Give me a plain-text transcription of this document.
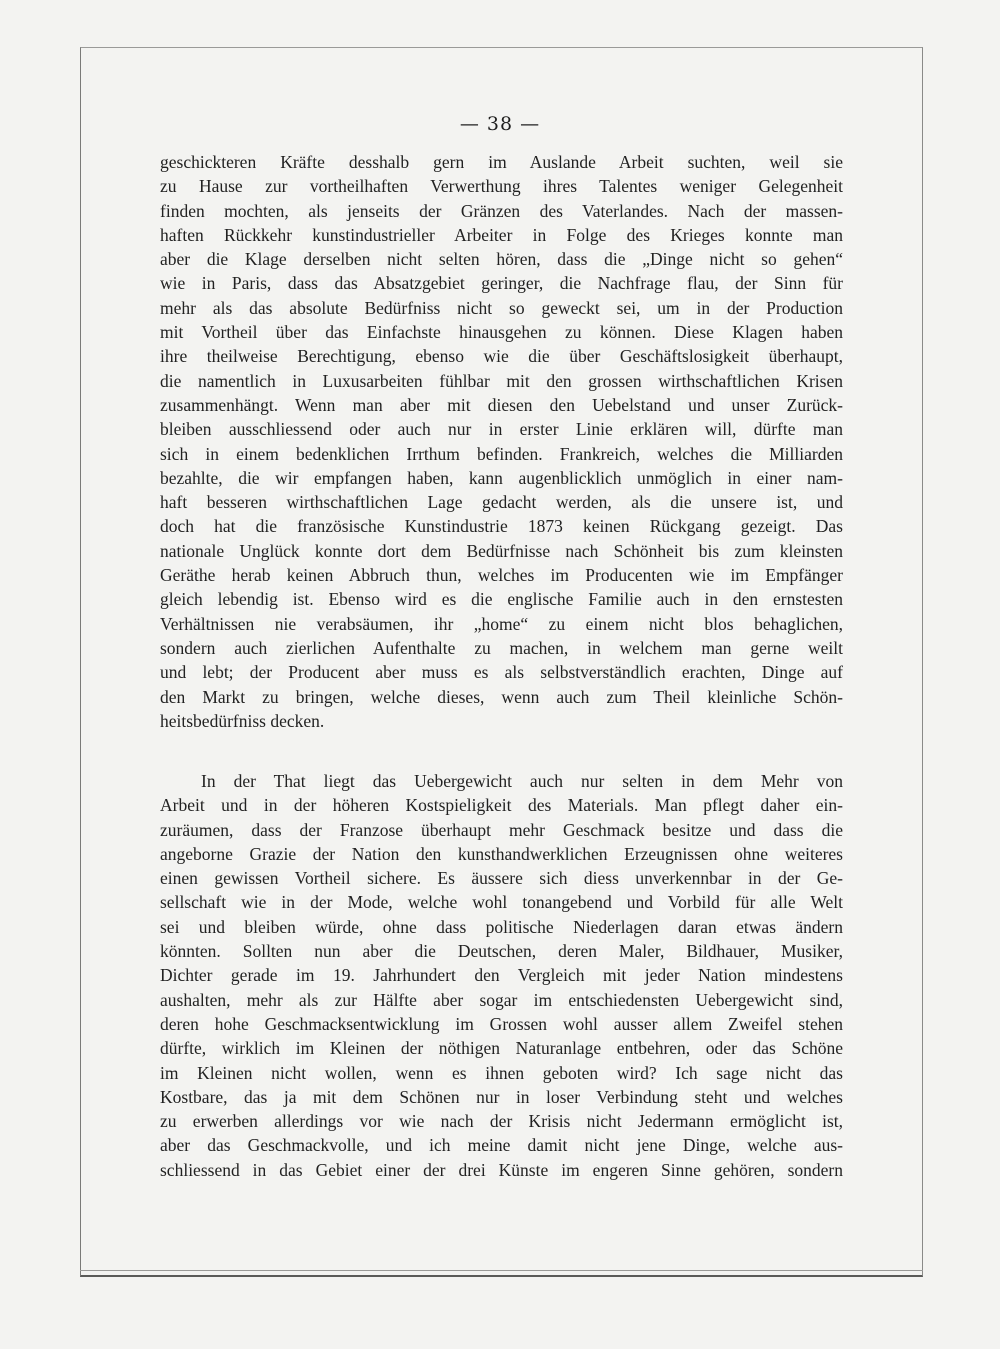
— 38 —
geschickteren Kräfte desshalb gern im Auslande Arbeit suchten, weil sie
zu Hause zur vortheilhaften Verwerthung ihres Talentes weniger Gelegenheit
finden mochten, als jenseits der Gränzen des Vaterlandes. Nach der massen-
haften Rückkehr kunstindustrieller Arbeiter in Folge des Krieges konnte man
aber die Klage derselben nicht selten hören, dass die „Dinge nicht so gehen“
wie in Paris, dass das Absatzgebiet geringer, die Nachfrage flau, der Sinn für
mehr als das absolute Bedürfniss nicht so geweckt sei, um in der Production
mit Vortheil über das Einfachste hinausgehen zu können. Diese Klagen haben
ihre theilweise Berechtigung, ebenso wie die über Geschäftslosigkeit überhaupt,
die namentlich in Luxusarbeiten fühlbar mit den grossen wirthschaftlichen Krisen
zusammenhängt. Wenn man aber mit diesen den Uebelstand und unser Zurück-
bleiben ausschliessend oder auch nur in erster Linie erklären will, dürfte man
sich in einem bedenklichen Irrthum befinden. Frankreich, welches die Milliarden
bezahlte, die wir empfangen haben, kann augenblicklich unmöglich in einer nam-
haft besseren wirthschaftlichen Lage gedacht werden, als die unsere ist, und
doch hat die französische Kunstindustrie 1873 keinen Rückgang gezeigt. Das
nationale Unglück konnte dort dem Bedürfnisse nach Schönheit bis zum kleinsten
Geräthe herab keinen Abbruch thun, welches im Producenten wie im Empfänger
gleich lebendig ist. Ebenso wird es die englische Familie auch in den ernstesten
Verhältnissen nie verabsäumen, ihr „home“ zu einem nicht blos behaglichen,
sondern auch zierlichen Aufenthalte zu machen, in welchem man gerne weilt
und lebt; der Producent aber muss es als selbstverständlich erachten, Dinge auf
den Markt zu bringen, welche dieses, wenn auch zum Theil kleinliche Schön-
heitsbedürfniss decken.
In der That liegt das Uebergewicht auch nur selten in dem Mehr von
Arbeit und in der höheren Kostspieligkeit des Materials. Man pflegt daher ein-
zuräumen, dass der Franzose überhaupt mehr Geschmack besitze und dass die
angeborne Grazie der Nation den kunsthandwerklichen Erzeugnissen ohne weiteres
einen gewissen Vortheil sichere. Es äussere sich diess unverkennbar in der Ge-
sellschaft wie in der Mode, welche wohl tonangebend und Vorbild für alle Welt
sei und bleiben würde, ohne dass politische Niederlagen daran etwas ändern
könnten. Sollten nun aber die Deutschen, deren Maler, Bildhauer, Musiker,
Dichter gerade im 19. Jahrhundert den Vergleich mit jeder Nation mindestens
aushalten, mehr als zur Hälfte aber sogar im entschiedensten Uebergewicht sind,
deren hohe Geschmacksentwicklung im Grossen wohl ausser allem Zweifel stehen
dürfte, wirklich im Kleinen der nöthigen Naturanlage entbehren, oder das Schöne
im Kleinen nicht wollen, wenn es ihnen geboten wird? Ich sage nicht das
Kostbare, das ja mit dem Schönen nur in loser Verbindung steht und welches
zu erwerben allerdings vor wie nach der Krisis nicht Jedermann ermöglicht ist,
aber das Geschmackvolle, und ich meine damit nicht jene Dinge, welche aus-
schliessend in das Gebiet einer der drei Künste im engeren Sinne gehören, sondern
